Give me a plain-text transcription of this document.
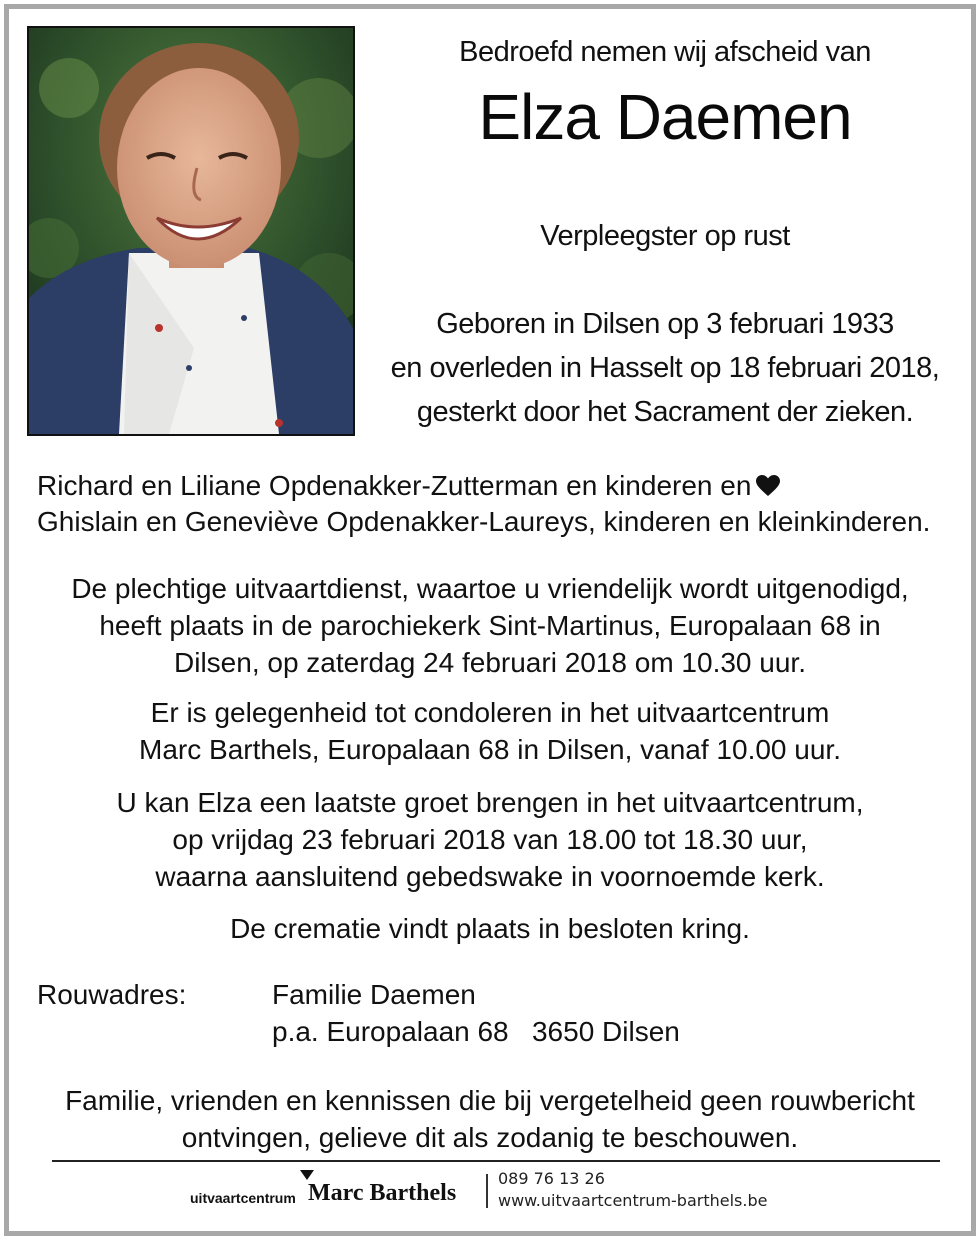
Bedroefd nemen wij afscheid van
Elza Daemen
Verpleegster op rust
Geboren in Dilsen op 3 februari 1933
en overleden in Hasselt op 18 februari 2018,
gesterkt door het Sacrament der zieken.
Richard en Liliane Opdenakker-Zutterman en kinderen en
Ghislain en Geneviève Opdenakker-Laureys, kinderen en kleinkinderen.
De plechtige uitvaartdienst, waartoe u vriendelijk wordt uitgenodigd,
heeft plaats in de parochiekerk Sint-Martinus, Europalaan 68 in
Dilsen, op zaterdag 24 februari 2018 om 10.30 uur.
Er is gelegenheid tot condoleren in het uitvaartcentrum
Marc Barthels, Europalaan 68 in Dilsen, vanaf 10.00 uur.
U kan Elza een laatste groet brengen in het uitvaartcentrum,
op vrijdag 23 februari 2018 van 18.00 tot 18.30 uur,
waarna aansluitend gebedswake in voornoemde kerk.
De crematie vindt plaats in besloten kring.
Rouwadres:	Familie Daemen
p.a. Europalaan 68   3650 Dilsen
Familie, vrienden en kennissen die bij vergetelheid geen rouwbericht
ontvingen, gelieve dit als zodanig te beschouwen.
uitvaartcentrum Marc Barthels
089 76 13 26
www.uitvaartcentrum-barthels.be
